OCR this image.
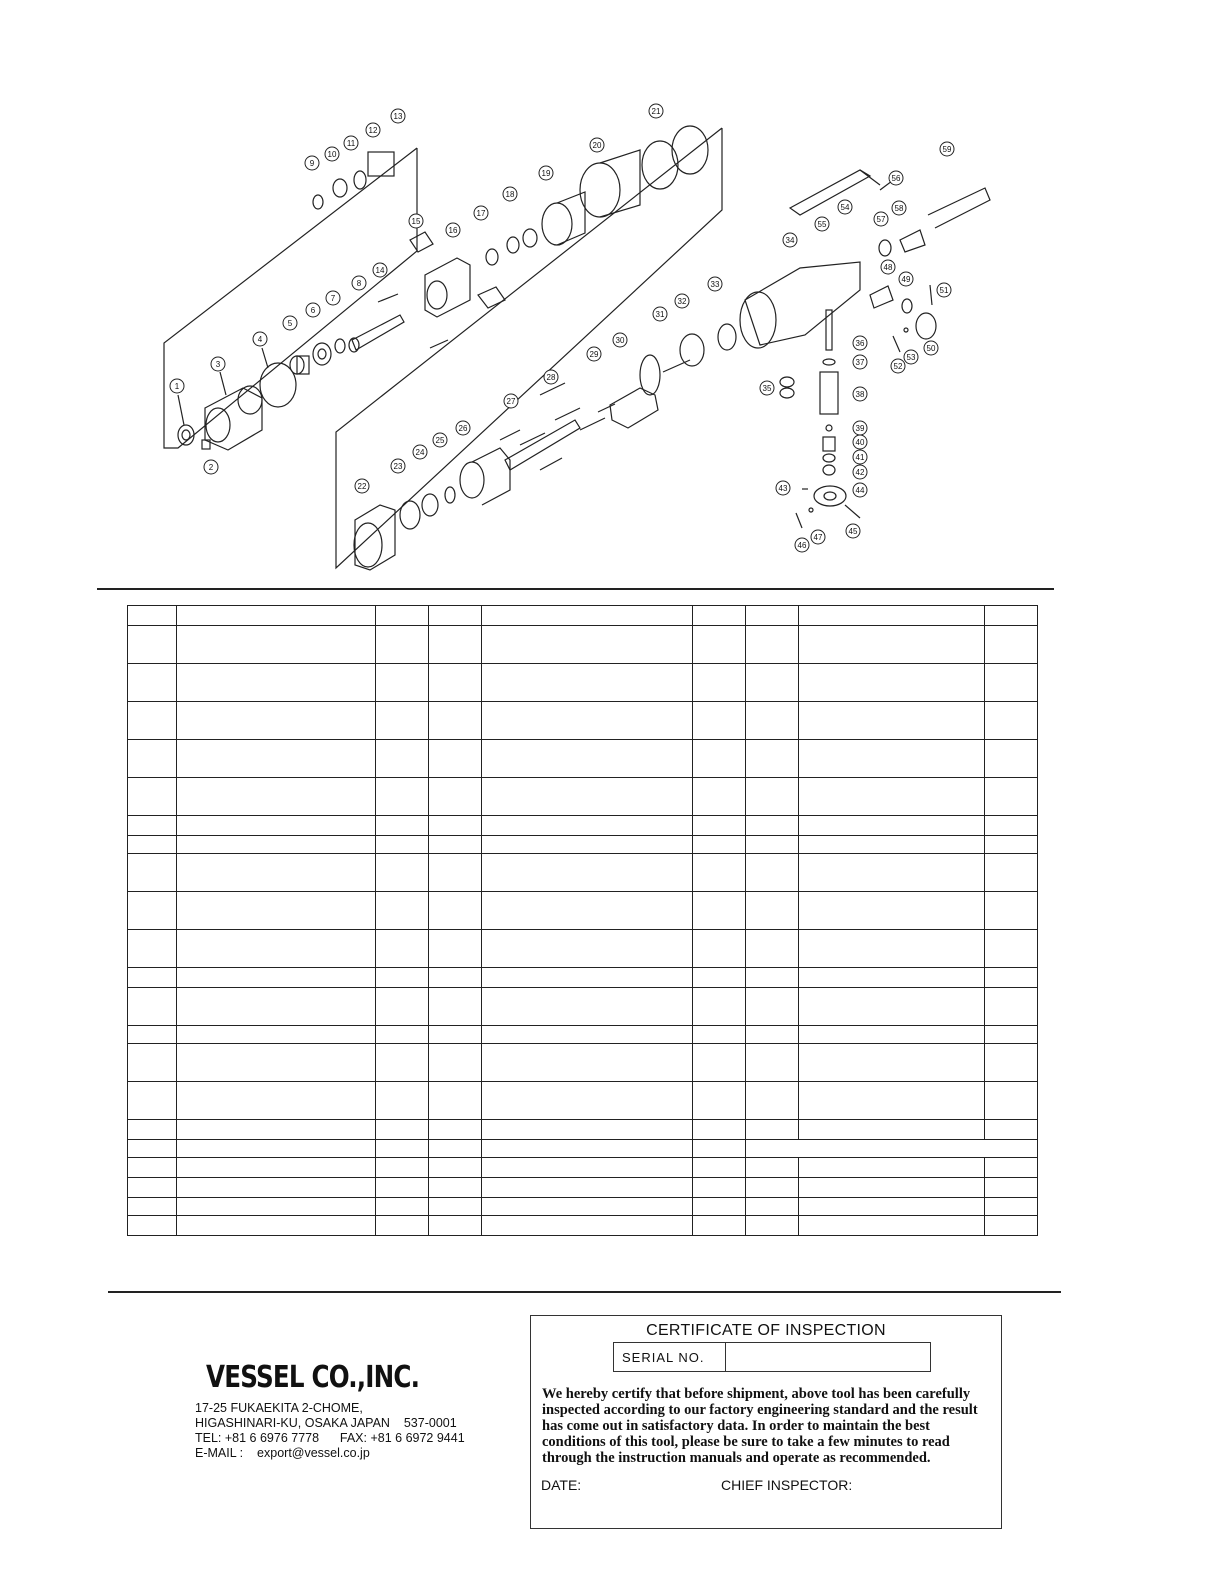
1
2
3
4
5
6
7
8
9
10
11
12
13
14
15
16
17
18
19
20
21
22
23
24
25
26
27
28
29
30
31
32
33
34
35
36
37
38
39
40
41
42
43	44
45
46
47
48
49
50
51
52
53
54
55
56
57
58
59

VESSEL CO.,INC.
17-25 FUKAEKITA 2-CHOME,
HIGASHINARI-KU, OSAKA JAPAN    537-0001
TEL: +81 6 6976 7778      FAX: +81 6 6972 9441
E-MAIL :    export@vessel.co.jp
CERTIFICATE OF INSPECTION
SERIAL NO.
We hereby certify that before shipment, above tool has been carefully inspected according to our factory engineering standard and the result has come out in satisfactory data. In order to maintain the best conditions of this tool, please be sure to take a few minutes to read through the instruction manuals and operate as recommended.
DATE:	CHIEF INSPECTOR:
